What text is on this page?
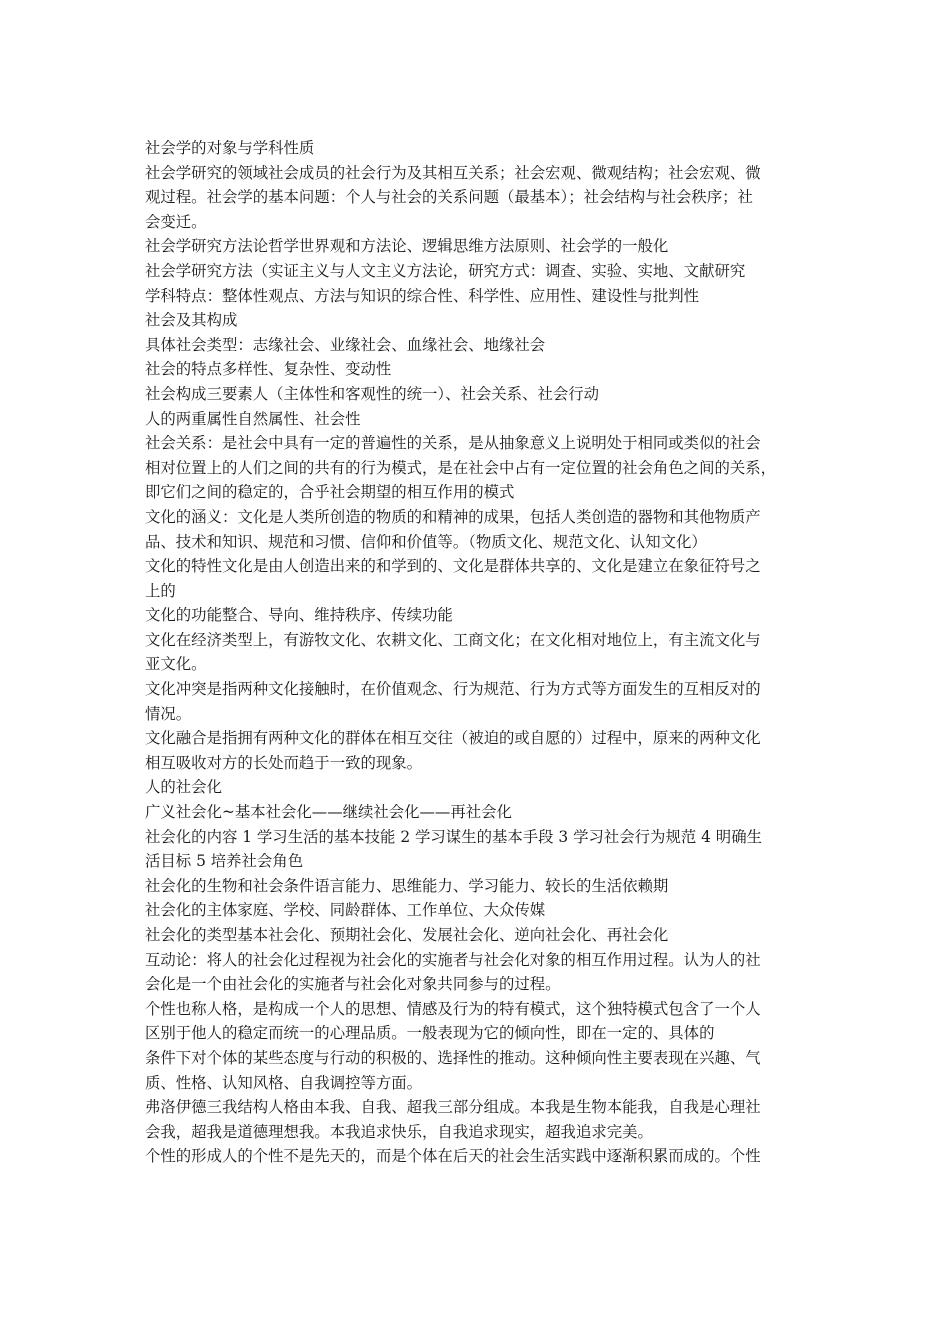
社会学的对象与学科性质
社会学研究的领域社会成员的社会行为及其相互关系；社会宏观、微观结构；社会宏观、微
观过程。社会学的基本问题：个人与社会的关系问题（最基本）；社会结构与社会秩序；社
会变迁。
社会学研究方法论哲学世界观和方法论、逻辑思维方法原则、社会学的一般化
社会学研究方法（实证主义与人文主义方法论，研究方式：调查、实验、实地、文献研究
学科特点：整体性观点、方法与知识的综合性、科学性、应用性、建设性与批判性
社会及其构成
具体社会类型：志缘社会、业缘社会、血缘社会、地缘社会
社会的特点多样性、复杂性、变动性
社会构成三要素人（主体性和客观性的统一）、社会关系、社会行动
人的两重属性自然属性、社会性
社会关系：是社会中具有一定的普遍性的关系，是从抽象意义上说明处于相同或类似的社会
相对位置上的人们之间的共有的行为模式，是在社会中占有一定位置的社会角色之间的关系，
即它们之间的稳定的，合乎社会期望的相互作用的模式
文化的涵义：文化是人类所创造的物质的和精神的成果，包括人类创造的器物和其他物质产
品、技术和知识、规范和习惯、信仰和价值等。（物质文化、规范文化、认知文化）
文化的特性文化是由人创造出来的和学到的、文化是群体共享的、文化是建立在象征符号之
上的
文化的功能整合、导向、维持秩序、传续功能
文化在经济类型上，有游牧文化、农耕文化、工商文化；在文化相对地位上，有主流文化与
亚文化。
文化冲突是指两种文化接触时，在价值观念、行为规范、行为方式等方面发生的互相反对的
情况。
文化融合是指拥有两种文化的群体在相互交往（被迫的或自愿的）过程中，原来的两种文化
相互吸收对方的长处而趋于一致的现象。
人的社会化
广义社会化~基本社会化——继续社会化——再社会化
社会化的内容 1 学习生活的基本技能 2 学习谋生的基本手段 3 学习社会行为规范 4 明确生
活目标 5 培养社会角色
社会化的生物和社会条件语言能力、思维能力、学习能力、较长的生活依赖期
社会化的主体家庭、学校、同龄群体、工作单位、大众传媒
社会化的类型基本社会化、预期社会化、发展社会化、逆向社会化、再社会化
互动论：将人的社会化过程视为社会化的实施者与社会化对象的相互作用过程。认为人的社
会化是一个由社会化的实施者与社会化对象共同参与的过程。
个性也称人格，是构成一个人的思想、情感及行为的特有模式，这个独特模式包含了一个人
区别于他人的稳定而统一的心理品质。一般表现为它的倾向性，即在一定的、具体的
条件下对个体的某些态度与行动的积极的、选择性的推动。这种倾向性主要表现在兴趣、气
质、性格、认知风格、自我调控等方面。
弗洛伊德三我结构人格由本我、自我、超我三部分组成。本我是生物本能我，自我是心理社
会我，超我是道德理想我。本我追求快乐，自我追求现实，超我追求完美。
个性的形成人的个性不是先天的，而是个体在后天的社会生活实践中逐渐积累而成的。个性
